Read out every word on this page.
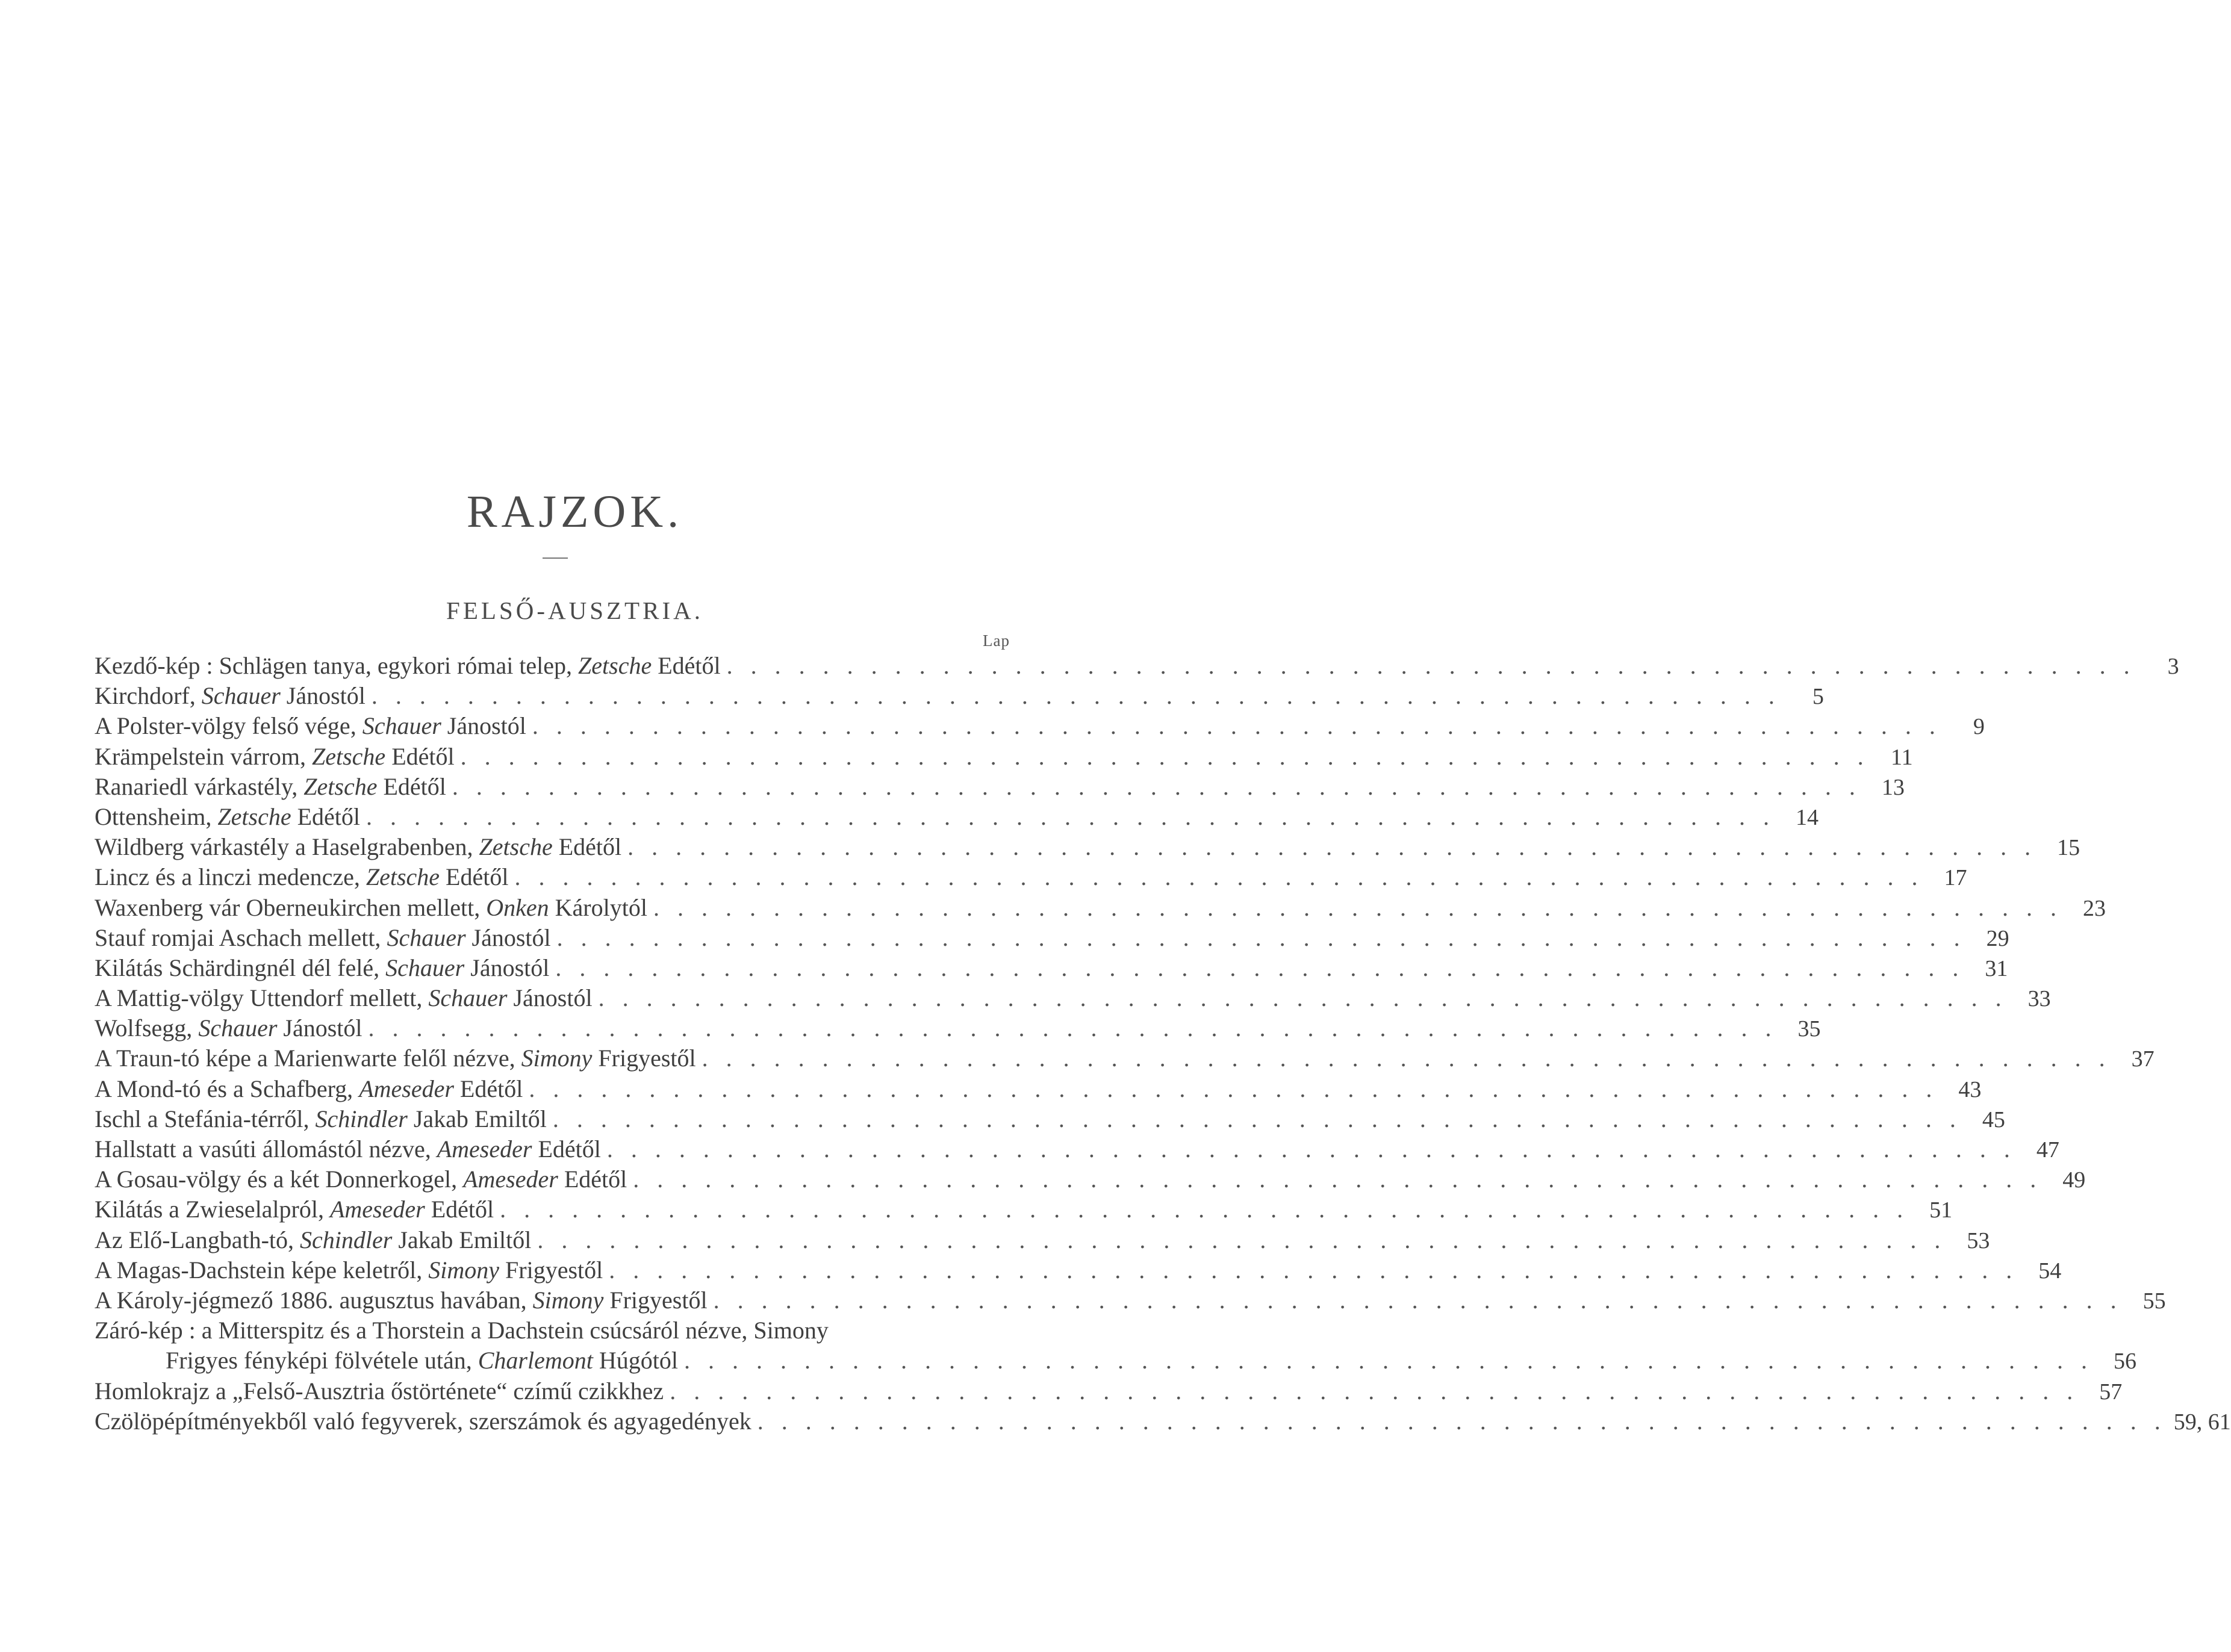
RAJZOK.
FELSŐ-AUSZTRIA.
Lap
Kezdő-kép : Schlägen tanya, egykori római telep, Zetsche Edétől . . . . . . . . . . . . . . . . . . . . . . . . . . . . . . . . . . . . . . . . . . . . . . . . . . . . . . . . . . .	3
Kirchdorf, Schauer Jánostól . . . . . . . . . . . . . . . . . . . . . . . . . . . . . . . . . . . . . . . . . . . . . . . . . . . . . . . . . . .	5
A Polster-völgy felső vége, Schauer Jánostól . . . . . . . . . . . . . . . . . . . . . . . . . . . . . . . . . . . . . . . . . . . . . . . . . . . . . . . . . . .	9
Krämpelstein várrom, Zetsche Edétől . . . . . . . . . . . . . . . . . . . . . . . . . . . . . . . . . . . . . . . . . . . . . . . . . . . . . . . . . . . 11
Ranariedl várkastély, Zetsche Edétől . . . . . . . . . . . . . . . . . . . . . . . . . . . . . . . . . . . . . . . . . . . . . . . . . . . . . . . . . . . 13
Ottensheim, Zetsche Edétől . . . . . . . . . . . . . . . . . . . . . . . . . . . . . . . . . . . . . . . . . . . . . . . . . . . . . . . . . . . 14
Wildberg várkastély a Haselgrabenben, Zetsche Edétől . . . . . . . . . . . . . . . . . . . . . . . . . . . . . . . . . . . . . . . . . . . . . . . . . . . . . . . . . . . 15
Lincz és a linczi medencze, Zetsche Edétől . . . . . . . . . . . . . . . . . . . . . . . . . . . . . . . . . . . . . . . . . . . . . . . . . . . . . . . . . . . 17
Waxenberg vár Oberneukirchen mellett, Onken Károlytól . . . . . . . . . . . . . . . . . . . . . . . . . . . . . . . . . . . . . . . . . . . . . . . . . . . . . . . . . . . 23
Stauf romjai Aschach mellett, Schauer Jánostól . . . . . . . . . . . . . . . . . . . . . . . . . . . . . . . . . . . . . . . . . . . . . . . . . . . . . . . . . . . 29
Kilátás Schärdingnél dél felé, Schauer Jánostól . . . . . . . . . . . . . . . . . . . . . . . . . . . . . . . . . . . . . . . . . . . . . . . . . . . . . . . . . . . 31
A Mattig-völgy Uttendorf mellett, Schauer Jánostól . . . . . . . . . . . . . . . . . . . . . . . . . . . . . . . . . . . . . . . . . . . . . . . . . . . . . . . . . . . 33
Wolfsegg, Schauer Jánostól . . . . . . . . . . . . . . . . . . . . . . . . . . . . . . . . . . . . . . . . . . . . . . . . . . . . . . . . . . . 35
A Traun-tó képe a Marienwarte felől nézve, Simony Frigyestől . . . . . . . . . . . . . . . . . . . . . . . . . . . . . . . . . . . . . . . . . . . . . . . . . . . . . . . . . . . 37
A Mond-tó és a Schafberg, Ameseder Edétől . . . . . . . . . . . . . . . . . . . . . . . . . . . . . . . . . . . . . . . . . . . . . . . . . . . . . . . . . . . 43
Ischl a Stefánia-térről, Schindler Jakab Emiltől . . . . . . . . . . . . . . . . . . . . . . . . . . . . . . . . . . . . . . . . . . . . . . . . . . . . . . . . . . . 45
Hallstatt a vasúti állomástól nézve, Ameseder Edétől . . . . . . . . . . . . . . . . . . . . . . . . . . . . . . . . . . . . . . . . . . . . . . . . . . . . . . . . . . . 47
A Gosau-völgy és a két Donnerkogel, Ameseder Edétől . . . . . . . . . . . . . . . . . . . . . . . . . . . . . . . . . . . . . . . . . . . . . . . . . . . . . . . . . . . 49
Kilátás a Zwieselalpról, Ameseder Edétől . . . . . . . . . . . . . . . . . . . . . . . . . . . . . . . . . . . . . . . . . . . . . . . . . . . . . . . . . . . 51
Az Elő-Langbath-tó, Schindler Jakab Emiltől . . . . . . . . . . . . . . . . . . . . . . . . . . . . . . . . . . . . . . . . . . . . . . . . . . . . . . . . . . . 53
A Magas-Dachstein képe keletről, Simony Frigyestől . . . . . . . . . . . . . . . . . . . . . . . . . . . . . . . . . . . . . . . . . . . . . . . . . . . . . . . . . . . 54
A Károly-jégmező 1886. augusztus havában, Simony Frigyestől . . . . . . . . . . . . . . . . . . . . . . . . . . . . . . . . . . . . . . . . . . . . . . . . . . . . . . . . . . . 55
Záró-kép : a Mitterspitz és a Thorstein a Dachstein csúcsáról nézve, Simony
Frigyes fényképi fölvétele után, Charlemont Húgótól . . . . . . . . . . . . . . . . . . . . . . . . . . . . . . . . . . . . . . . . . . . . . . . . . . . . . . . . . . . 56
Homlokrajz a „Felső-Ausztria őstörténete“ czímű czikkhez . . . . . . . . . . . . . . . . . . . . . . . . . . . . . . . . . . . . . . . . . . . . . . . . . . . . . . . . . . . 57
Czölöpépítményekből való fegyverek, szerszámok és agyagedények . . . . . . . . . . . . . . . . . . . . . . . . . . . . . . . . . . . . . . . . . . . . . . . . . . . . . . . . . . . 59, 61
